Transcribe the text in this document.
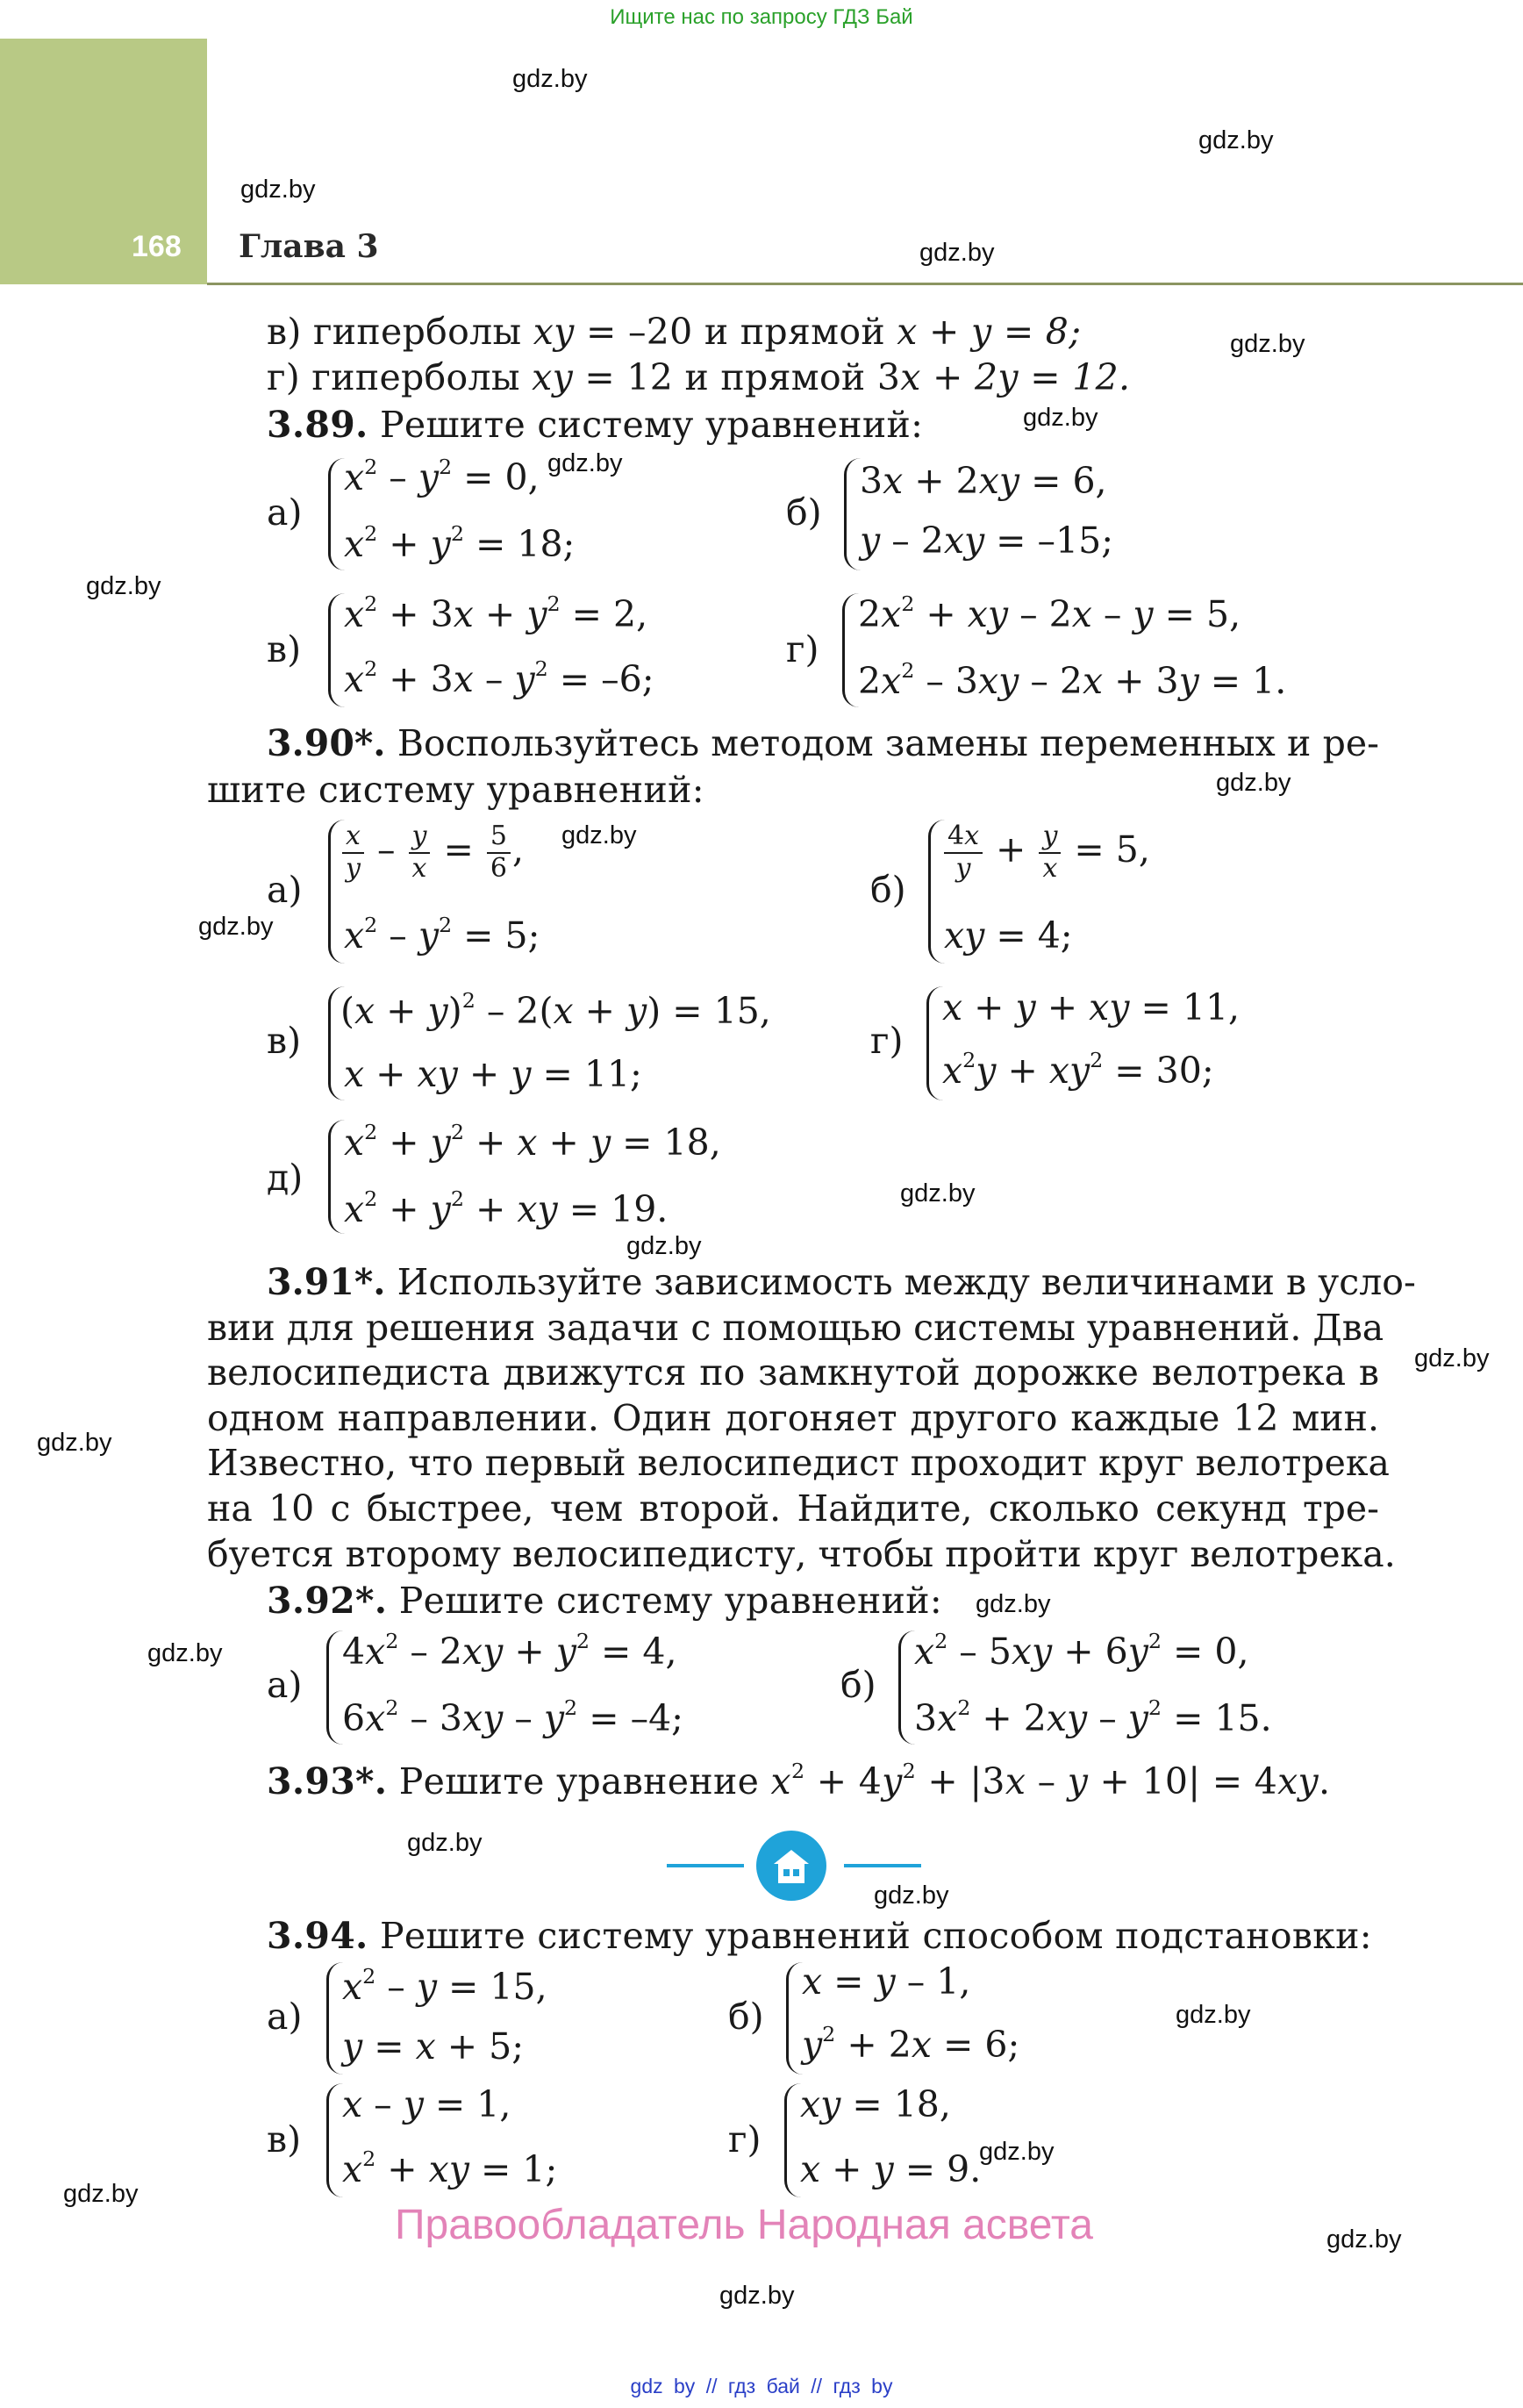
Ищите нас по запросу ГДЗ Бай
168 Глава 3
в) гиперболы xy = –20 и прямой x + y = 8;
г) гиперболы xy = 12 и прямой 3x + 2y = 12.
3.89. Решите систему уравнений:
а)
$x^2 - y^2 = 0$,
$x^2 + y^2 = 18$;
б)
3x + 2xy = 6,
y – 2xy = –15;
в)
$x^2 + 3x + y^2 = 2$,
$x^2 + 3x - y^2 = -6$;
г)
$2x^2$ + xy – 2x – y = 5,
$2x^2 - 3xy - 2x + 3y = 1$.
3.90*. Воспользуйтесь методом замены переменных и ре-
шите систему уравнений:
а)
$\frac{x}{y} - \frac{y}{x} = \frac{5}{6}$ ,
$x^2 - y^2 = 5$;
б)
$\frac{4x}{y} + \frac{y}{x} = 5$,
xy = 4;
в)
$(x + y)^2 - 2(x + y) = 15$,
x + xy + y = 11;
г)
x + y + xy = 11,
$x^2y + xy^2 = 30$;
д)
$x^2 + y^2 + x + y = 18$,
$x^2 + y^2$ + xy = 19.
3.91*. Используйте зависимость между величинами в усло-
вии для решения задачи с помощью системы уравнений. Два
велосипедиста движутся по замкнутой дорожке велотрека в
одном направлении. Один догоняет другого каждые 12 мин.
Известно, что первый велосипедист проходит круг велотрека
на 10 с быстрее, чем второй. Найдите, сколько секунд тре-
буется второму велосипедисту, чтобы пройти круг велотрека.
3.92*. Решите систему уравнений:
а)
$4x^2 - 2xy + y^2 = 4$,
$6x^2 - 3xy - y^2 = -4$;
б)
$x^2 - 5xy + 6y^2 = 0$,
$3x^2 + 2xy - y^2 = 15$.
3.93*. Решите уравнение $x^2 + 4y^2 + |3x - y + 10| = 4xy$.
3.94. Решите систему уравнений способом подстановки:
а)
$x^2 - y = 15$,
y = x + 5;
б)
x = y – 1,
$y^2 + 2x = 6$;
в)
x – y = 1,
$x^2$ + xy = 1;
г)
xy = 18,
x + y = 9.
Правообладатель Народная асвета
gdz.by
gdz.by
gdz.by
gdz.by
gdz.by
gdz.by
gdz.by
gdz.by
gdz.by
gdz.by
gdz.by
gdz.by
gdz.by
gdz.by
gdz.by
gdz.by
gdz.by
gdz.by
gdz.by
gdz.by
gdz.by
gdz.by
gdz.by
gdz.by
gdz by // гдз бай // гдз by
